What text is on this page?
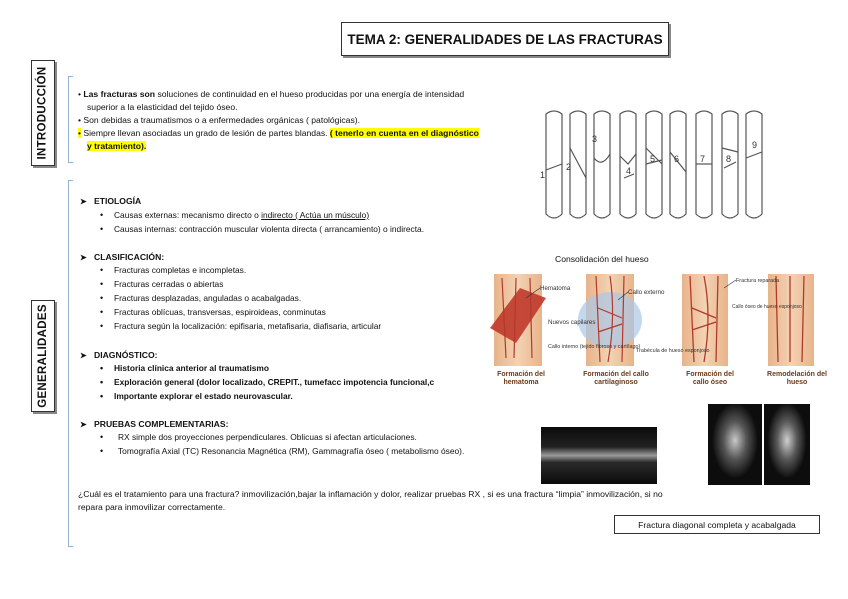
TEMA 2: GENERALIDADES DE LAS FRACTURAS
INTRODUCCIÓN
GENERALIDADES
• Las fracturas son soluciones de continuidad en el hueso producidas por una energía de intensidad
superior a la elasticidad del tejido óseo.
• Son debidas a traumatismos o a enfermedades orgánicas ( patológicas).
• Siempre llevan asociadas un grado de lesión de partes blandas. ( tenerlo en cuenta en el diagnóstico
y tratamiento).
1
2
3
4
5 6 7 8
9
➤ ETIOLOGÍA
• Causas externas: mecanismo directo o indirecto ( Actúa un músculo)
• Causas internas: contracción muscular violenta directa ( arrancamiento) o indirecta.
➤ CLASIFICACIÓN:
• Fracturas completas e incompletas.
• Fracturas cerradas o abiertas
• Fracturas desplazadas, anguladas o acabalgadas.
• Fracturas oblícuas, transversas, espiroideas, conminutas
• Fractura según la localización: epifisaria, metafisaria, diafisaria, articular
➤ DIAGNÓSTICO:
• Historia clínica anterior al traumatismo
• Exploración general (dolor localizado, CREPIT., tumefacc impotencia funcional,c
• Importante explorar el estado neurovascular.
➤ PRUEBAS COMPLEMENTARIAS:
• RX simple dos proyecciones perpendiculares. Oblicuas si afectan articulaciones.
• Tomografía Axial (TC) Resonancia Magnética (RM), Gammagrafía óseo ( metabolismo óseo).
Consolidación del hueso
Hematoma
Callo externo
Nuevos capilares
Callo interno (tejido fibroso y cartílago)
Trabécula de hueso esponjoso
Fractura reparada
Callo óseo de hueso esponjoso
Formación del hematoma
Formación del callo cartilaginoso
Formación del callo óseo
Remodelación del hueso
¿Cuál es el tratamiento para una fractura? inmovilización,bajar la inflamación y dolor, realizar pruebas RX , si es una fractura “limpia” inmovilización, si no
repara para inmovilizar correctamente.
Fractura diagonal completa y acabalgada
